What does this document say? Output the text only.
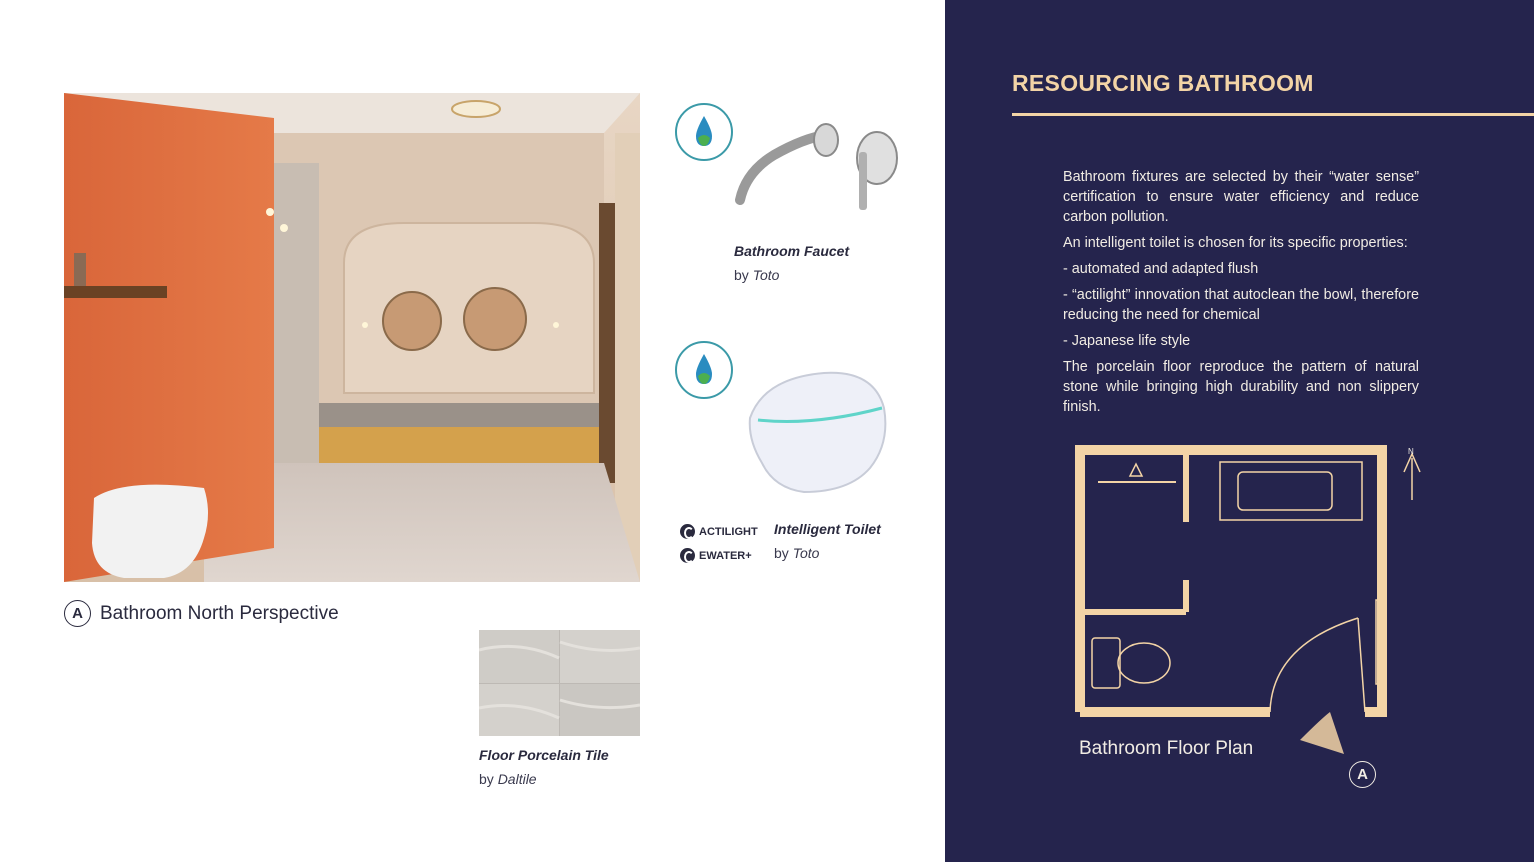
A Bathroom North Perspective
Bathroom Faucet
by Toto
ACTILIGHT
EWATER+
Intelligent Toilet
by Toto
Floor Porcelain Tile
by Daltile
RESOURCING BATHROOM

Bathroom fixtures are selected by their “water sense” certification to ensure water efficiency and reduce carbon pollution.

An intelligent toilet is chosen for its specific properties:

- automated and adapted flush

- “actilight” innovation that autoclean the bowl, therefore reducing the need for chemical

- Japanese life style

The porcelain floor reproduce the pattern of natural stone while bringing high durability and non slippery finish.

N
Bathroom Floor Plan
A
